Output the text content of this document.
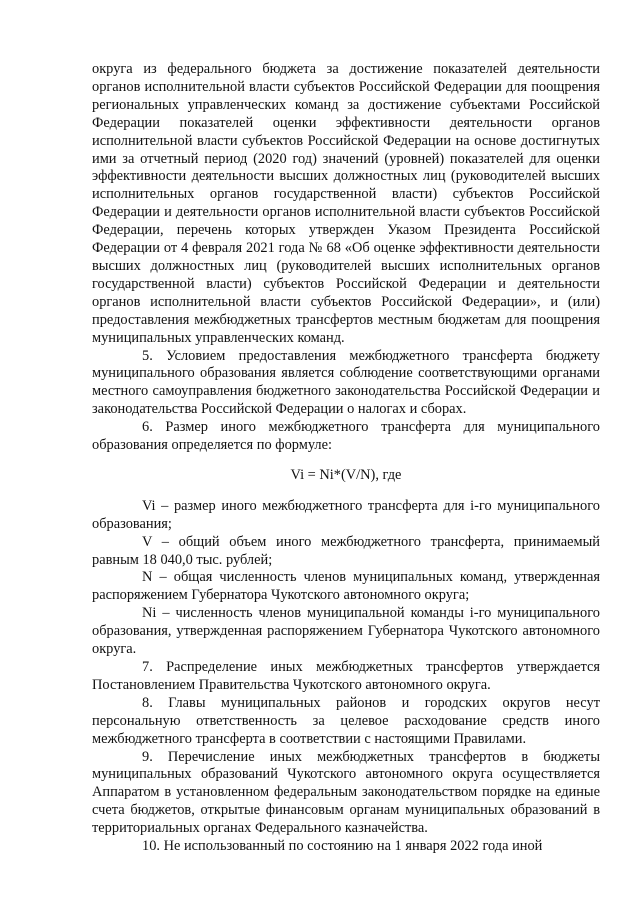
округа из федерального бюджета за достижение показателей деятельности органов исполнительной власти субъектов Российской Федерации для поощрения региональных управленческих команд за достижение субъектами Российской Федерации показателей оценки эффективности деятельности органов исполнительной власти субъектов Российской Федерации на основе достигнутых ими за отчетный период (2020 год) значений (уровней) показателей для оценки эффективности деятельности высших должностных лиц (руководителей высших исполнительных органов государственной власти) субъектов Российской Федерации и деятельности органов исполнительной власти субъектов Российской Федерации, перечень которых утвержден Указом Президента Российской Федерации от 4 февраля 2021 года № 68 «Об оценке эффективности деятельности высших должностных лиц (руководителей высших исполнительных органов государственной власти) субъектов Российской Федерации и деятельности органов исполнительной власти субъектов Российской Федерации», и (или) предоставления межбюджетных трансфертов местным бюджетам для поощрения муниципальных управленческих команд.

5. Условием предоставления межбюджетного трансферта бюджету муниципального образования является соблюдение соответствующими органами местного самоуправления бюджетного законодательства Российской Федерации и законодательства Российской Федерации о налогах и сборах.

6. Размер иного межбюджетного трансферта для муниципального образования определяется по формуле:

Vi = Ni*(V/N), где

Vi – размер иного межбюджетного трансферта для i-го муниципального образования;

V – общий объем иного межбюджетного трансферта, принимаемый равным 18 040,0 тыс. рублей;

N – общая численность членов муниципальных команд, утвержденная распоряжением Губернатора Чукотского автономного округа;

Ni – численность членов муниципальной команды i-го муниципального образования, утвержденная распоряжением Губернатора Чукотского автономного округа.

7. Распределение иных межбюджетных трансфертов утверждается Постановлением Правительства Чукотского автономного округа.

8. Главы муниципальных районов и городских округов несут персональную ответственность за целевое расходование средств иного межбюджетного трансферта в соответствии с настоящими Правилами.

9. Перечисление иных межбюджетных трансфертов в бюджеты муниципальных образований Чукотского автономного округа осуществляется Аппаратом в установленном федеральным законодательством порядке на единые счета бюджетов, открытые финансовым органам муниципальных образований в территориальных органах Федерального казначейства.

10. Не использованный по состоянию на 1 января 2022 года иной
